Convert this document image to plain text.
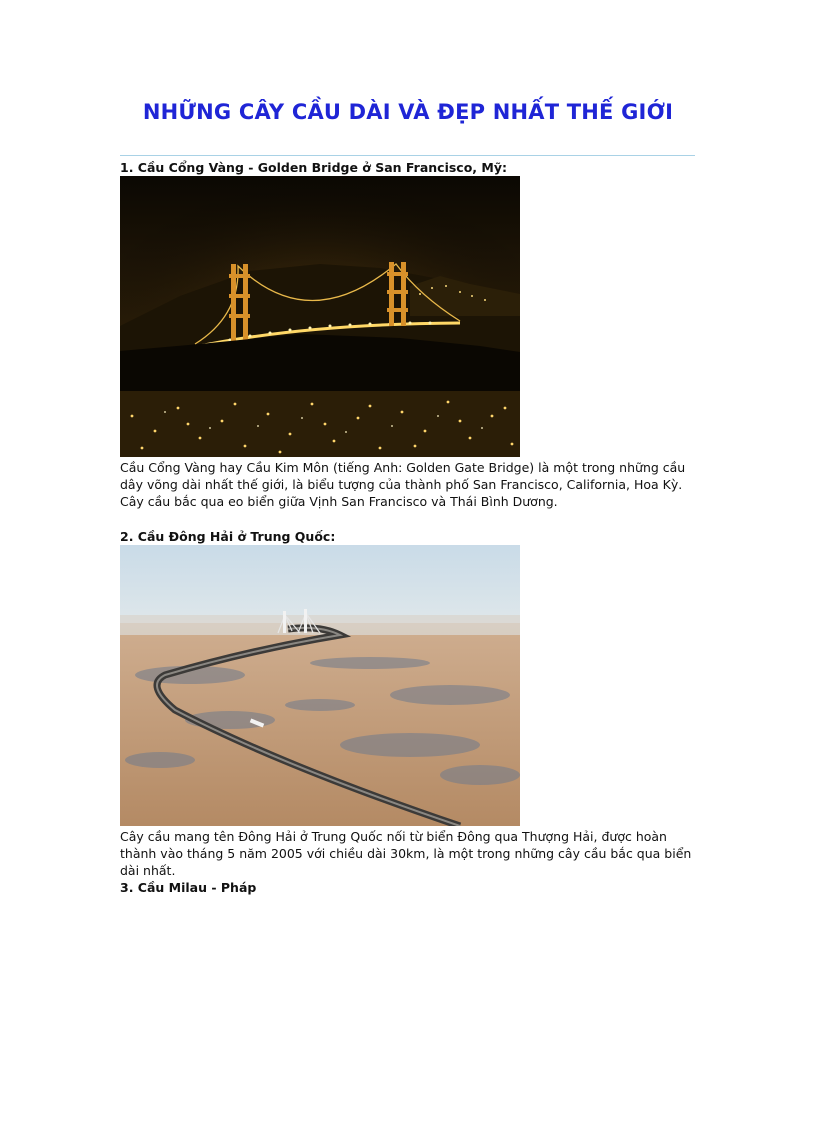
NHỮNG CÂY CẦU DÀI VÀ ĐẸP NHẤT THẾ GIỚI
1. Cầu Cổng Vàng - Golden Bridge ở San Francisco, Mỹ:

Cầu Cổng Vàng hay Cầu Kim Môn (tiếng Anh: Golden Gate Bridge) là một trong những cầu dây võng dài nhất thế giới, là biểu tượng của thành phố San Francisco, California, Hoa Kỳ.

Cây cầu bắc qua eo biển giữa Vịnh San Francisco và Thái Bình Dương.

2. Cầu Đông Hải ở Trung Quốc:

Cây cầu mang tên Đông Hải ở Trung Quốc nối từ biển Đông qua Thượng Hải, được hoàn thành vào tháng 5 năm 2005 với chiều dài 30km, là một trong những cây cầu bắc qua biển dài nhất.

3. Cầu Milau - Pháp
